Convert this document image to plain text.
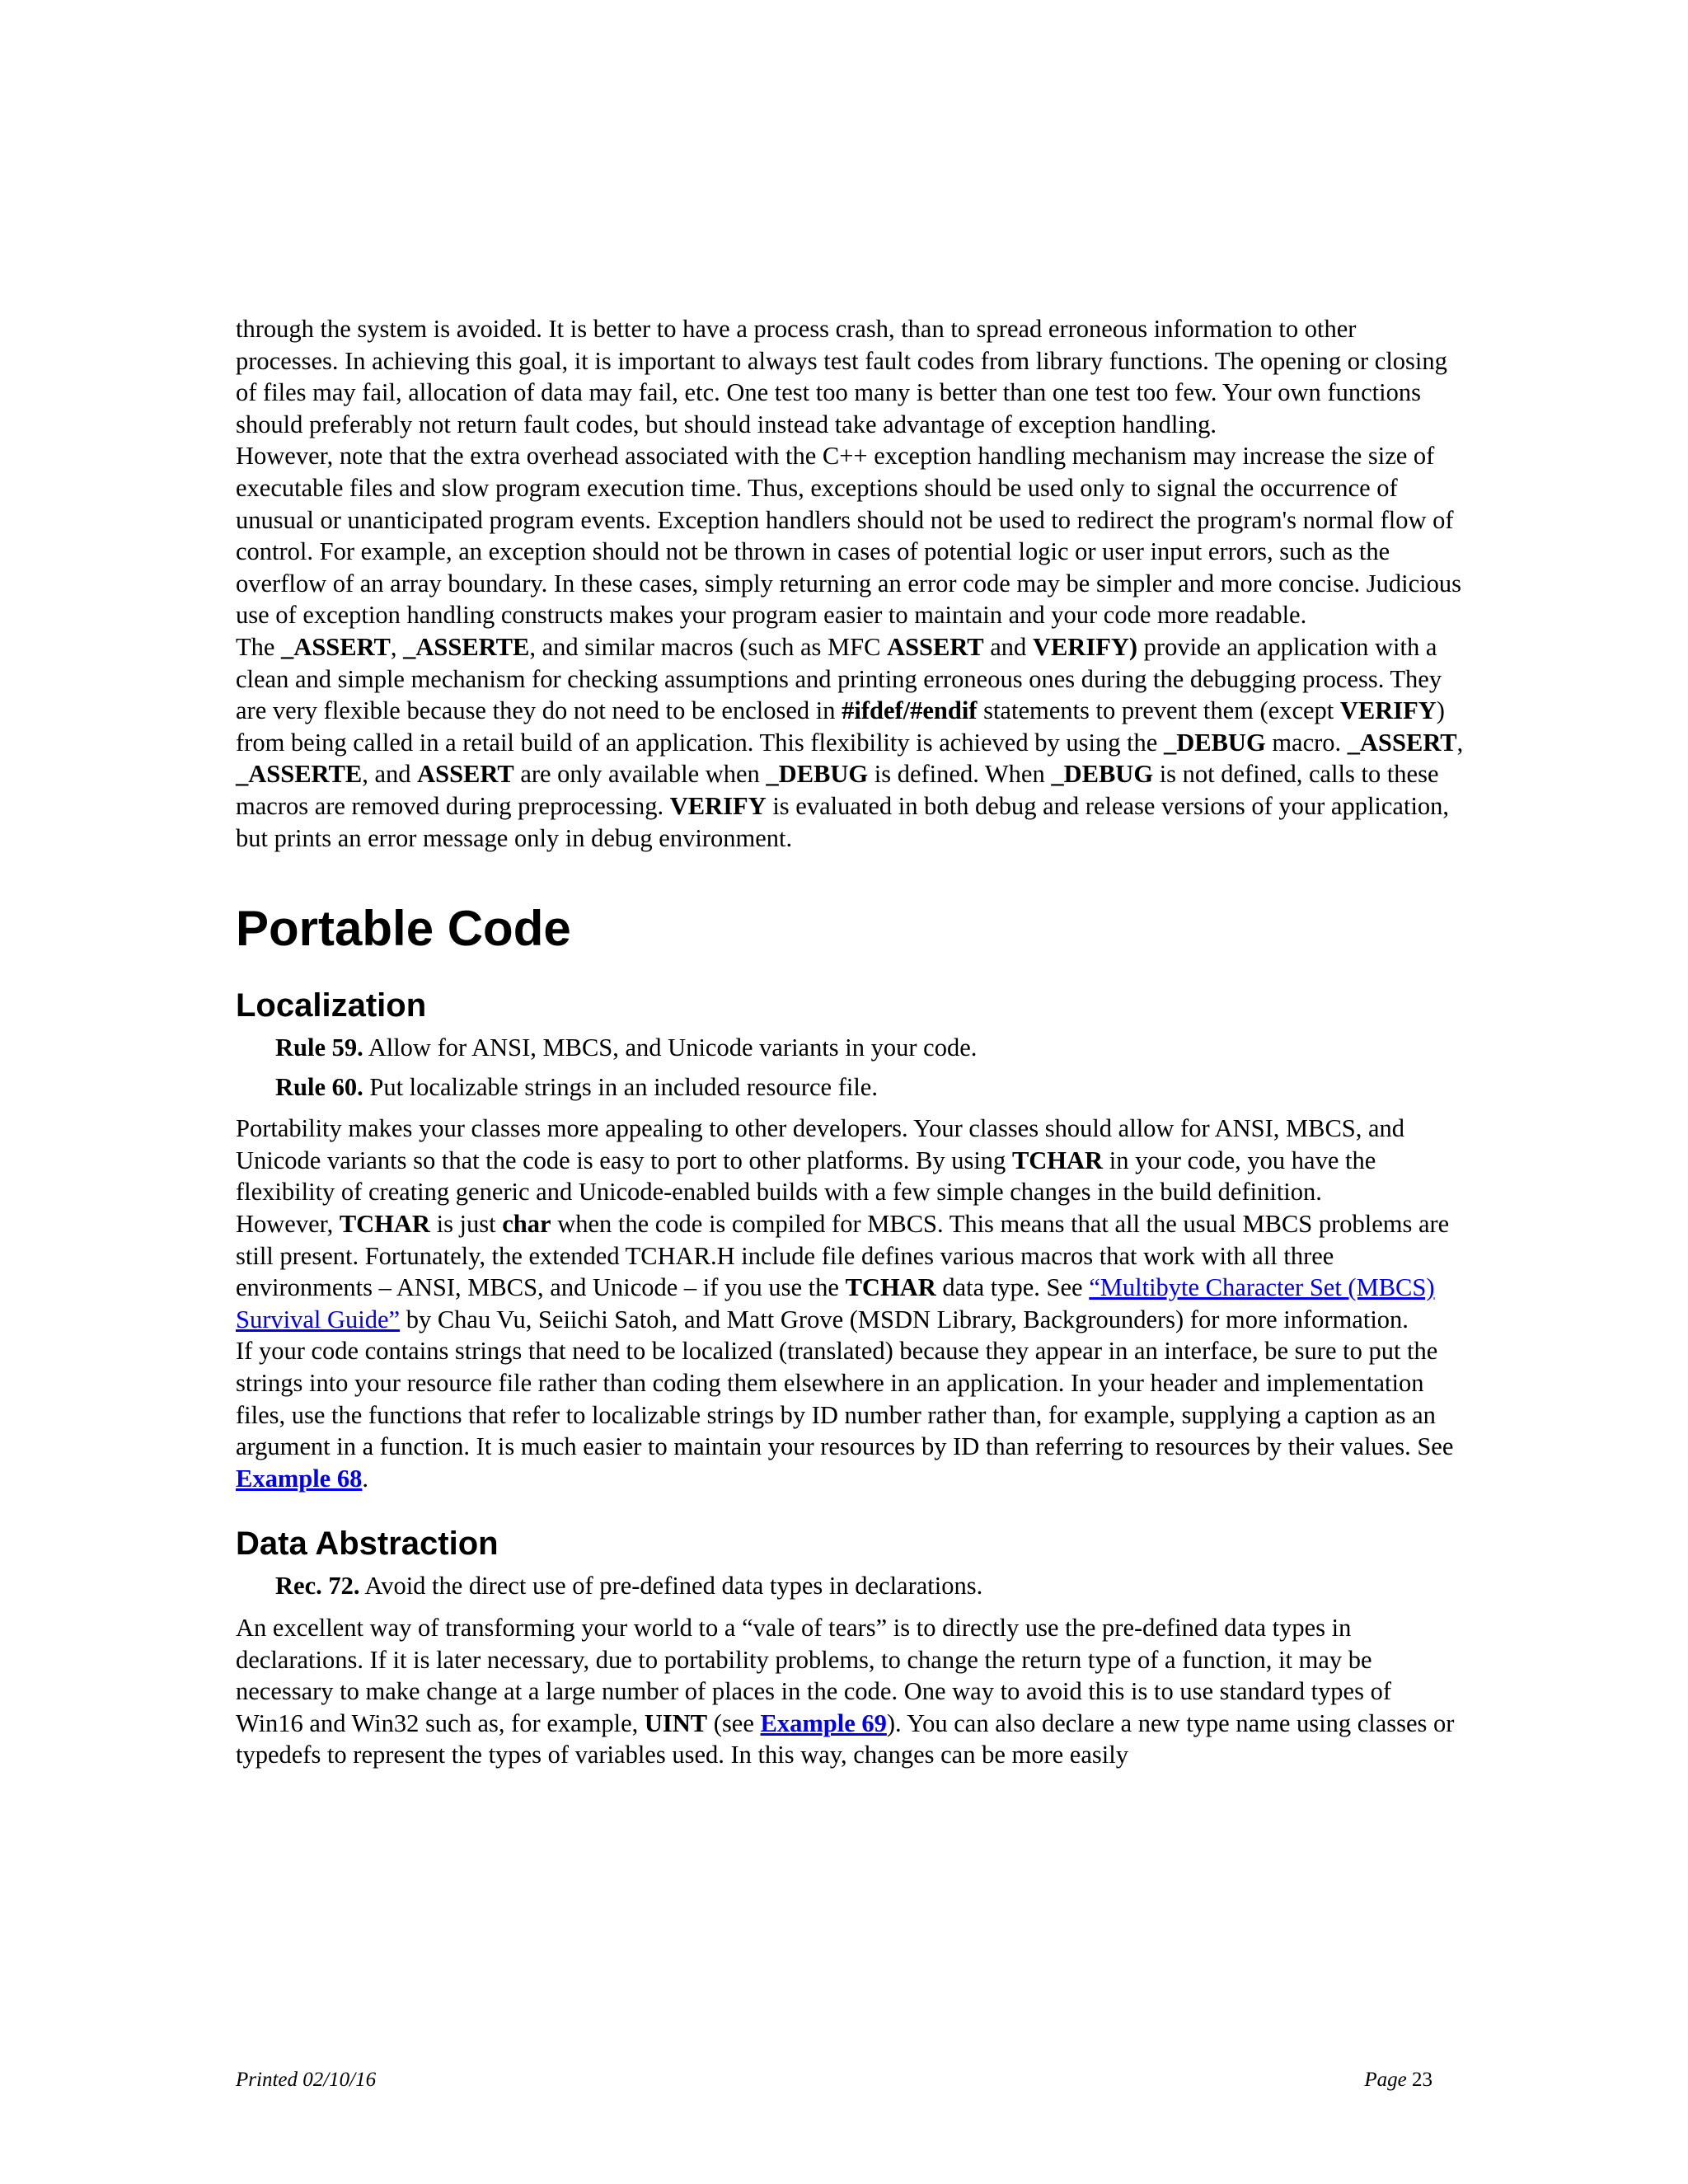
through the system is avoided. It is better to have a process crash, than to spread erroneous information to other processes. In achieving this goal, it is important to always test fault codes from library functions. The opening or closing of files may fail, allocation of data may fail, etc. One test too many is better than one test too few. Your own functions should preferably not return fault codes, but should instead take advantage of exception handling.

However, note that the extra overhead associated with the C++ exception handling mechanism may increase the size of executable files and slow program execution time. Thus, exceptions should be used only to signal the occurrence of unusual or unanticipated program events. Exception handlers should not be used to redirect the program's normal flow of control. For example, an exception should not be thrown in cases of potential logic or user input errors, such as the overflow of an array boundary. In these cases, simply returning an error code may be simpler and more concise. Judicious use of exception handling constructs makes your program easier to maintain and your code more readable.

The _ASSERT, _ASSERTE, and similar macros (such as MFC ASSERT and VERIFY) provide an application with a clean and simple mechanism for checking assumptions and printing erroneous ones during the debugging process. They are very flexible because they do not need to be enclosed in #ifdef/#endif statements to prevent them (except VERIFY) from being called in a retail build of an application. This flexibility is achieved by using the _DEBUG macro. _ASSERT, _ASSERTE, and ASSERT are only available when _DEBUG is defined. When _DEBUG is not defined, calls to these macros are removed during preprocessing. VERIFY is evaluated in both debug and release versions of your application, but prints an error message only in debug environment.

Portable Code
Localization

Rule 59. Allow for ANSI, MBCS, and Unicode variants in your code.

Rule 60. Put localizable strings in an included resource file.

Portability makes your classes more appealing to other developers. Your classes should allow for ANSI, MBCS, and Unicode variants so that the code is easy to port to other platforms. By using TCHAR in your code, you have the flexibility of creating generic and Unicode-enabled builds with a few simple changes in the build definition.

However, TCHAR is just char when the code is compiled for MBCS. This means that all the usual MBCS problems are still present. Fortunately, the extended TCHAR.H include file defines various macros that work with all three environments – ANSI, MBCS, and Unicode – if you use the TCHAR data type. See “Multibyte Character Set (MBCS) Survival Guide” by Chau Vu, Seiichi Satoh, and Matt Grove (MSDN Library, Backgrounders) for more information.

If your code contains strings that need to be localized (translated) because they appear in an interface, be sure to put the strings into your resource file rather than coding them elsewhere in an application. In your header and implementation files, use the functions that refer to localizable strings by ID number rather than, for example, supplying a caption as an argument in a function. It is much easier to maintain your resources by ID than referring to resources by their values. See Example 68.

Data Abstraction

Rec. 72. Avoid the direct use of pre-defined data types in declarations.

An excellent way of transforming your world to a “vale of tears” is to directly use the pre-defined data types in declarations. If it is later necessary, due to portability problems, to change the return type of a function, it may be necessary to make change at a large number of places in the code. One way to avoid this is to use standard types of Win16 and Win32 such as, for example, UINT (see Example 69). You can also declare a new type name using classes or typedefs to represent the types of variables used. In this way, changes can be more easily

Printed 02/10/16	Page 23
